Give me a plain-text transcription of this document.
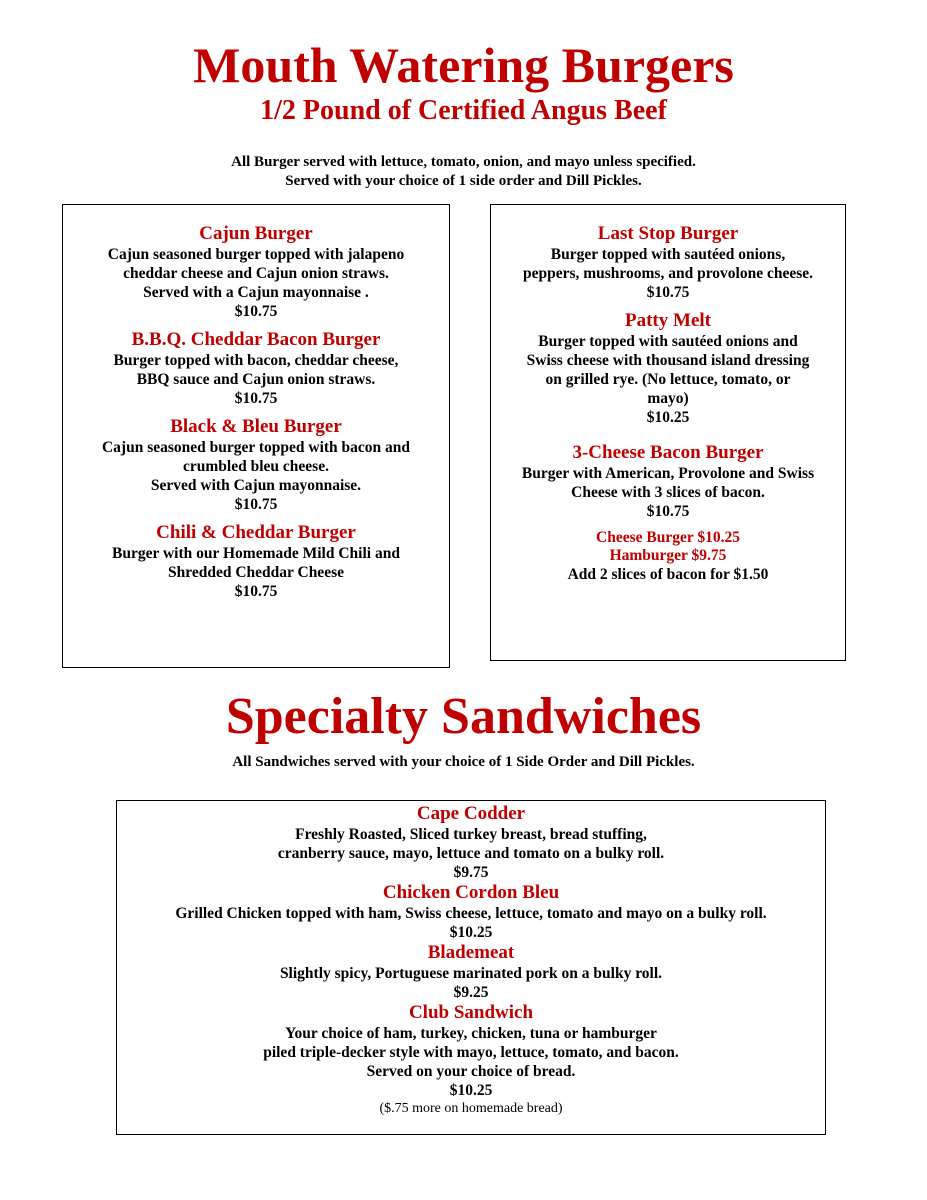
Mouth Watering Burgers
1/2 Pound of Certified Angus Beef
All Burger served with lettuce, tomato, onion, and mayo unless specified.
Served with your choice of 1 side order and Dill Pickles.
Cajun Burger
Cajun seasoned burger topped with jalapeno
cheddar cheese and Cajun onion straws.
Served with a Cajun mayonnaise .
$10.75
B.B.Q. Cheddar Bacon Burger
Burger topped with bacon, cheddar cheese,
BBQ sauce and Cajun onion straws.
$10.75
Black & Bleu Burger
Cajun seasoned burger topped with bacon and
crumbled bleu cheese.
Served with Cajun mayonnaise.
$10.75
Chili & Cheddar Burger
Burger with our Homemade Mild Chili and
Shredded Cheddar Cheese
$10.75
Last Stop Burger
Burger topped with sautéed onions,
peppers, mushrooms, and provolone cheese.
$10.75
Patty Melt
Burger topped with sautéed onions and
Swiss cheese with thousand island dressing
on grilled rye. (No lettuce, tomato, or
mayo)
$10.25
3-Cheese Bacon Burger
Burger with American, Provolone and Swiss
Cheese with 3 slices of bacon.
$10.75
Cheese Burger $10.25
Hamburger $9.75
Add 2 slices of bacon for $1.50
Specialty Sandwiches
All Sandwiches served with your choice of 1 Side Order and Dill Pickles.
Cape Codder
Freshly Roasted, Sliced turkey breast, bread stuffing,
cranberry sauce, mayo, lettuce and tomato on a bulky roll.
$9.75
Chicken Cordon Bleu
Grilled Chicken topped with ham, Swiss cheese, lettuce, tomato and mayo on a bulky roll.
$10.25
Blademeat
Slightly spicy, Portuguese marinated pork on a bulky roll.
$9.25
Club Sandwich
Your choice of ham, turkey, chicken, tuna or hamburger
piled triple-decker style with mayo, lettuce, tomato, and bacon.
Served on your choice of bread.
$10.25
($.75 more on homemade bread)
